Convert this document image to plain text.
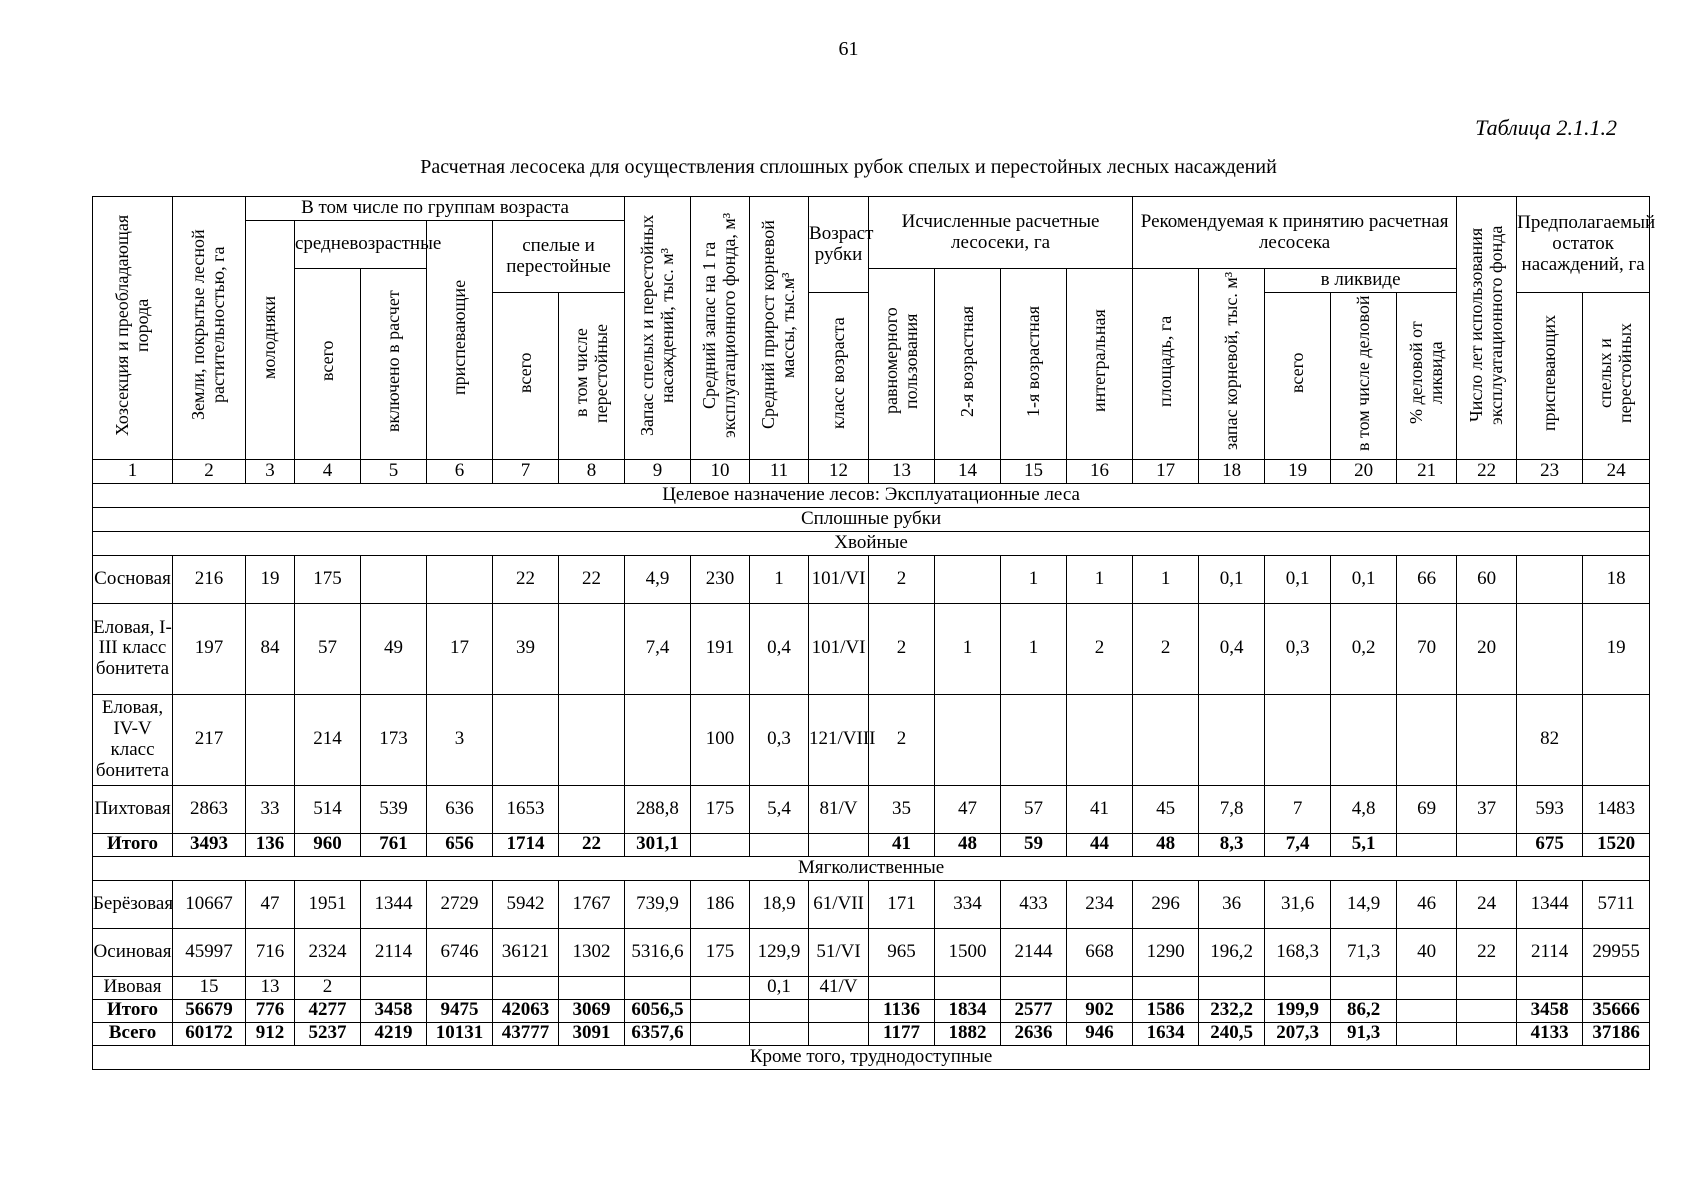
61
Таблица 2.1.1.2
Расчетная лесосека для осуществления сплошных рубок спелых и перестойных лесных насаждений
Хозсекция и преобладающая порода	Земли, покрытые лесной растительностью, га	В том числе по группам возраста						Запас спелых и перестойных насаждений, тыс. м³	Средний запас на 1 га эксплуатационного фонда, м³	Средний прирост корневой массы, тыс.м³	Возраст рубки	Исчисленные расчетные лесосеки, га				Рекомендуемая к принятию расчетная лесосека					Число лет использования эксплуатационного фонда	Предполагаемый остаток насаждений, га	
		молодняки	средневозрастные		приспевающие	спелые и перестойные																	
			всего	включено в расчет								равномерного пользования	2-я возрастная	1-я возрастная	интегральная	площадь, га	запас корневой, тыс. м³	в ликвиде					
						всего	в том числе перестойные				класс возраста							всего	в том числе деловой	% деловой от ликвида		приспевающих	спелых и перестойных
1	2	3	4	5	6	7	8	9	10	11	12	13	14	15	16	17	18	19	20	21	22	23	24
Целевое назначение лесов: Эксплуатационные леса																							
Сплошные рубки																							
Хвойные																							
Сосновая	216	19	175			22	22	4,9	230	1	101/VI	2		1	1	1	0,1	0,1	0,1	66	60		18
Еловая, I-III класс бонитета	197	84	57	49	17	39		7,4	191	0,4	101/VI	2	1	1	2	2	0,4	0,3	0,2	70	20		19
Еловая, IV-V класс бонитета	217		214	173	3				100	0,3	121/VIII	2										82	
Пихтовая	2863	33	514	539	636	1653		288,8	175	5,4	81/V	35	47	57	41	45	7,8	7	4,8	69	37	593	1483
Итого	3493	136	960	761	656	1714	22	301,1				41	48	59	44	48	8,3	7,4	5,1			675	1520
Мягколиственные																							
Берёзовая	10667	47	1951	1344	2729	5942	1767	739,9	186	18,9	61/VII	171	334	433	234	296	36	31,6	14,9	46	24	1344	5711
Осиновая	45997	716	2324	2114	6746	36121	1302	5316,6	175	129,9	51/VI	965	1500	2144	668	1290	196,2	168,3	71,3	40	22	2114	29955
Ивовая	15	13	2							0,1	41/V												
Итого	56679	776	4277	3458	9475	42063	3069	6056,5				1136	1834	2577	902	1586	232,2	199,9	86,2			3458	35666
Всего	60172	912	5237	4219	10131	43777	3091	6357,6				1177	1882	2636	946	1634	240,5	207,3	91,3			4133	37186
Кроме того, труднодоступные																							
